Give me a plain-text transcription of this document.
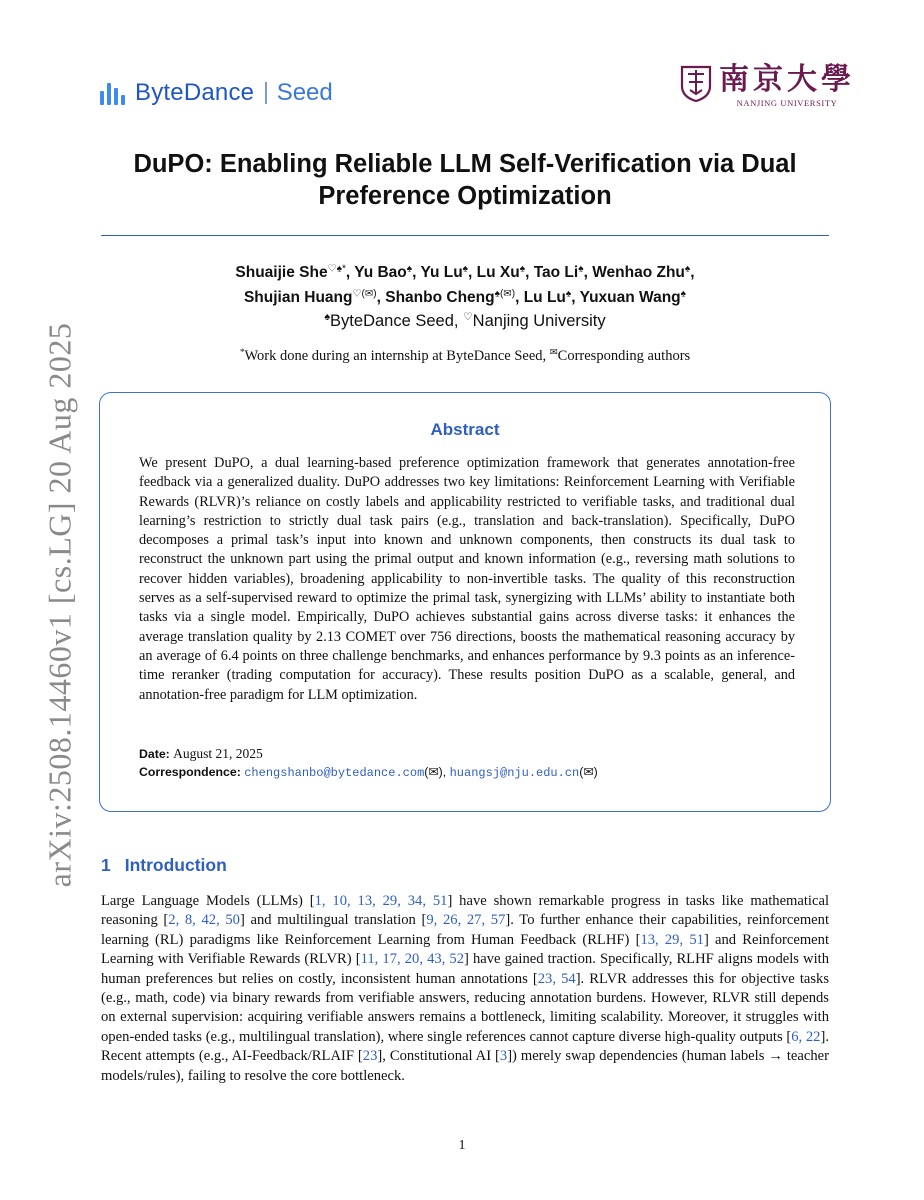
arXiv:2508.14460v1 [cs.LG] 20 Aug 2025
ByteDance Seed	南京大學
NANJING UNIVERSITY
DuPO: Enabling Reliable LLM Self-Verification via Dual Preference Optimization
Shuaijie She♡♠*, Yu Bao♠, Yu Lu♠, Lu Xu♠, Tao Li♠, Wenhao Zhu♠,
Shujian Huang♡(✉), Shanbo Cheng♠(✉), Lu Lu♠, Yuxuan Wang♠
♠ByteDance Seed, ♡Nanjing University
*Work done during an internship at ByteDance Seed, ✉Corresponding authors
Abstract
We present DuPO, a dual learning-based preference optimization framework that generates annotation-free feedback via a generalized duality. DuPO addresses two key limitations: Reinforcement Learning with Verifiable Rewards (RLVR)’s reliance on costly labels and applicability restricted to verifiable tasks, and traditional dual learning’s restriction to strictly dual task pairs (e.g., translation and back-translation). Specifically, DuPO decomposes a primal task’s input into known and unknown components, then constructs its dual task to reconstruct the unknown part using the primal output and known information (e.g., reversing math solutions to recover hidden variables), broadening applicability to non-invertible tasks. The quality of this reconstruction serves as a self-supervised reward to optimize the primal task, synergizing with LLMs’ ability to instantiate both tasks via a single model. Empirically, DuPO achieves substantial gains across diverse tasks: it enhances the average translation quality by 2.13 COMET over 756 directions, boosts the mathematical reasoning accuracy by an average of 6.4 points on three challenge benchmarks, and enhances performance by 9.3 points as an inference-time reranker (trading computation for accuracy). These results position DuPO as a scalable, general, and annotation-free paradigm for LLM optimization.
Date: August 21, 2025
Correspondence: chengshanbo@bytedance.com(✉), huangsj@nju.edu.cn(✉)
1 Introduction
Large Language Models (LLMs) [1, 10, 13, 29, 34, 51] have shown remarkable progress in tasks like mathematical reasoning [2, 8, 42, 50] and multilingual translation [9, 26, 27, 57]. To further enhance their capabilities, reinforcement learning (RL) paradigms like Reinforcement Learning from Human Feedback (RLHF) [13, 29, 51] and Reinforcement Learning with Verifiable Rewards (RLVR) [11, 17, 20, 43, 52] have gained traction. Specifically, RLHF aligns models with human preferences but relies on costly, inconsistent human annotations [23, 54]. RLVR addresses this for objective tasks (e.g., math, code) via binary rewards from verifiable answers, reducing annotation burdens. However, RLVR still depends on external supervision: acquiring verifiable answers remains a bottleneck, limiting scalability. Moreover, it struggles with open-ended tasks (e.g., multilingual translation), where single references cannot capture diverse high-quality outputs [6, 22]. Recent attempts (e.g., AI-Feedback/RLAIF [23], Constitutional AI [3]) merely swap dependencies (human labels → teacher models/rules), failing to resolve the core bottleneck.
1
